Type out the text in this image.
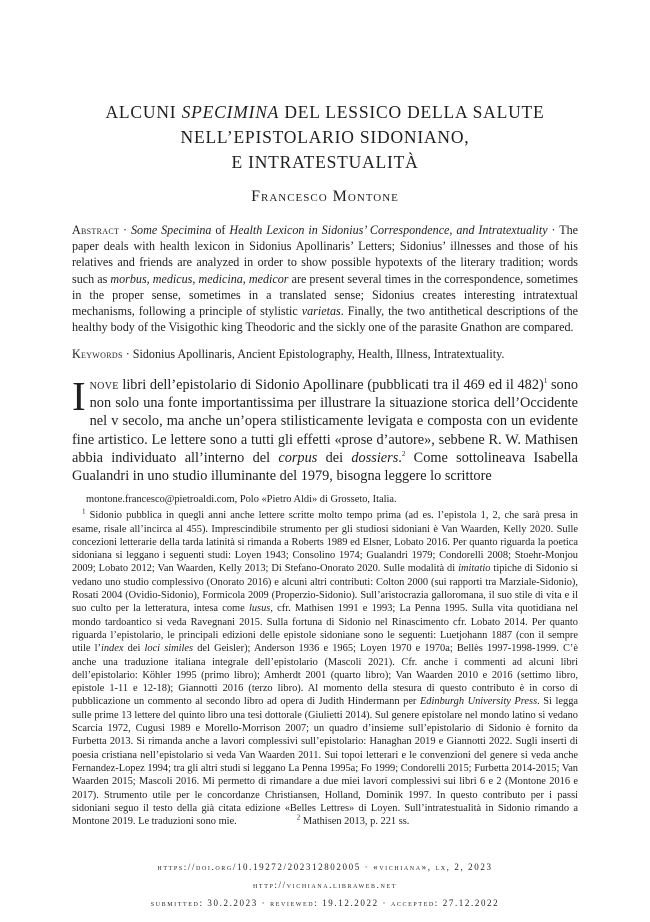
ALCUNI SPECIMINA DEL LESSICO DELLA SALUTE
NELL’EPISTOLARIO SIDONIANO,
E INTRATESTUALITÀ
Francesco Montone
Abstract · Some Specimina of Health Lexicon in Sidonius’ Correspondence, and Intratextuality · The paper deals with health lexicon in Sidonius Apollinaris’ Letters; Sidonius’ illnesses and those of his relatives and friends are analyzed in order to show possible hypotexts of the literary tradition; words such as morbus, medicus, medicina, medicor are present several times in the correspondence, sometimes in the proper sense, sometimes in a translated sense; Sidonius creates interesting intratextual mechanisms, following a principle of stylistic varietas. Finally, the two antithetical descriptions of the healthy body of the Visigothic king Theodoric and the sickly one of the parasite Gnathon are compared.
Keywords · Sidonius Apollinaris, Ancient Epistolography, Health, Illness, Intratextuality.
Inove libri dell’epistolario di Sidonio Apollinare (pubblicati tra il 469 ed il 482)$^1$ sono non solo una fonte importantissima per illustrare la situazione storica dell’Occidente nel v secolo, ma anche un’opera stilisticamente levigata e composta con un evidente fine artistico. Le lettere sono a tutti gli effetti «prose d’autore», sebbene R. W. Mathisen abbia individuato all’interno del corpus dei dossiers.$^2$ Come sottolineava Isabella Gualandri in uno studio illuminante del 1979, bisogna leggere lo scrittore

montone.francesco@pietroaldi.com, Polo «Pietro Aldi» di Grosseto, Italia.

$^1$ Sidonio pubblica in quegli anni anche lettere scritte molto tempo prima (ad es. l’epistola 1, 2, che sarà presa in esame, risale all’incirca al 455). Imprescindibile strumento per gli studiosi sidoniani è Van Waarden, Kelly 2020. Sulle concezioni letterarie della tarda latinità si rimanda a Roberts 1989 ed Elsner, Lobato 2016. Per quanto riguarda la poetica sidoniana si leggano i seguenti studi: Loyen 1943; Consolino 1974; Gualandri 1979; Condorelli 2008; Stoehr-Monjou 2009; Lobato 2012; Van Waarden, Kelly 2013; Di Stefano-Onorato 2020. Sulle modalità di imitatio tipiche di Sidonio si vedano uno studio complessivo (Onorato 2016) e alcuni altri contributi: Colton 2000 (sui rapporti tra Marziale-Sidonio), Rosati 2004 (Ovidio-Sidonio), Formicola 2009 (Properzio-Sidonio). Sull’aristocrazia galloromana, il suo stile di vita e il suo culto per la letteratura, intesa come lusus, cfr. Mathisen 1991 e 1993; La Penna 1995. Sulla vita quotidiana nel mondo tardoantico si veda Ravegnani 2015. Sulla fortuna di Sidonio nel Rinascimento cfr. Lobato 2014. Per quanto riguarda l’epistolario, le principali edizioni delle epistole sidoniane sono le seguenti: Luetjohann 1887 (con il sempre utile l’index dei loci similes del Geisler); Anderson 1936 e 1965; Loyen 1970 e 1970a; Bellès 1997-1998-1999. C’è anche una traduzione italiana integrale dell’epistolario (Mascoli 2021). Cfr. anche i commenti ad alcuni libri dell’epistolario: Köhler 1995 (primo libro); Amherdt 2001 (quarto libro); Van Waarden 2010 e 2016 (settimo libro, epistole 1-11 e 12-18); Giannotti 2016 (terzo libro). Al momento della stesura di questo contributo è in corso di pubblicazione un commento al secondo libro ad opera di Judith Hindermann per Edinburgh University Press. Si legga sulle prime 13 lettere del quinto libro una tesi dottorale (Giulietti 2014). Sul genere epistolare nel mondo latino si vedano Scarcia 1972, Cugusi 1989 e Morello-Morrison 2007; un quadro d’insieme sull’epistolario di Sidonio è fornito da Furbetta 2013. Si rimanda anche a lavori complessivi sull’epistolario: Hanaghan 2019 e Giannotti 2022. Sugli inserti di poesia cristiana nell’epistolario si veda Van Waarden 2011. Sui topoi letterari e le convenzioni del genere si veda anche Fernandez-Lopez 1994; tra gli altri studi si leggano La Penna 1995a; Fo 1999; Condorelli 2015; Furbetta 2014-2015; Van Waarden 2015; Mascoli 2016. Mi permetto di rimandare a due miei lavori complessivi sui libri 6 e 2 (Montone 2016 e 2017). Strumento utile per le concordanze Christiansen, Holland, Dominik 1997. In questo contributo per i passi sidoniani seguo il testo della già citata edizione «Belles Lettres» di Loyen. Sull’intratestualità in Sidonio rimando a Montone 2019. Le traduzioni sono mie.	$^2$ Mathisen 2013, p. 221 ss.

https://doi.org/10.19272/202312802005 · «vichiana», lx, 2, 2023
http://vichiana.libraweb.net
submitted: 30.2.2023 · reviewed: 19.12.2022 · accepted: 27.12.2022
